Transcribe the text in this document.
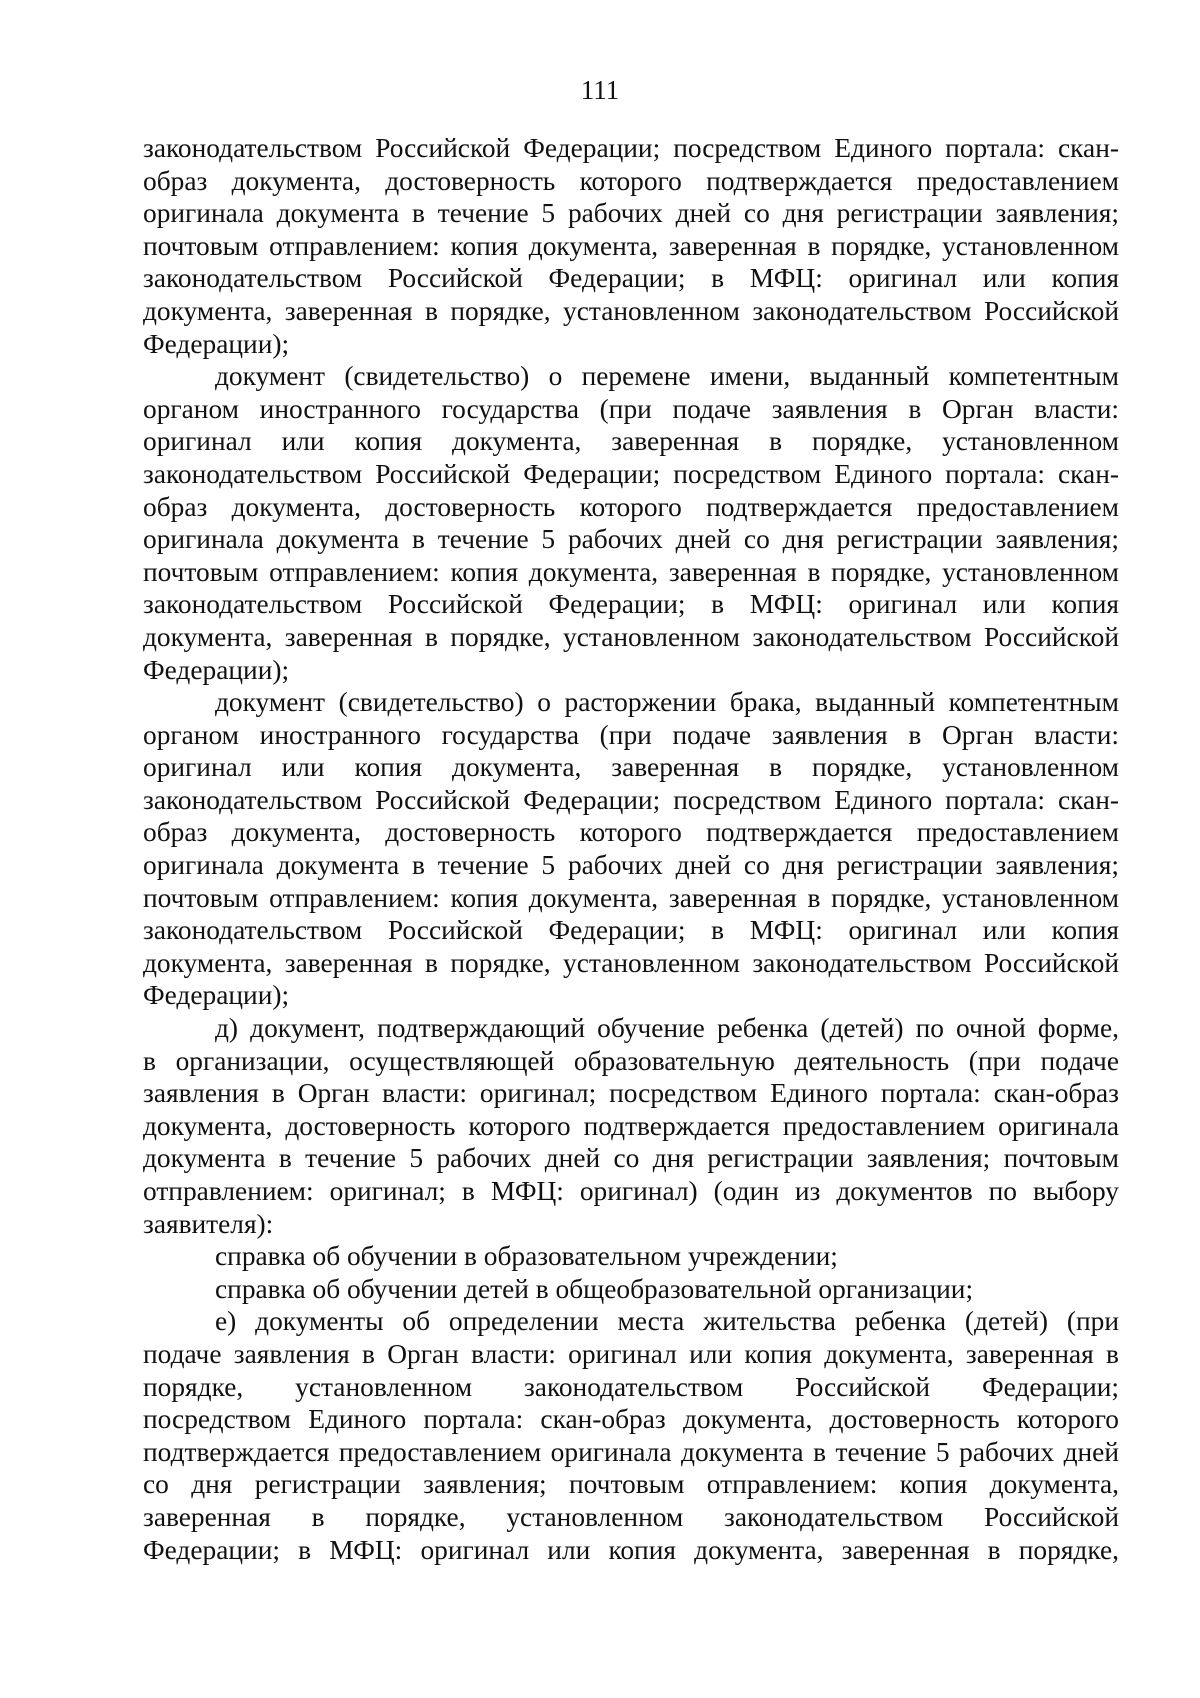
111
законодательством Российской Федерации; посредством Единого портала: скан-
образ документа, достоверность которого подтверждается предоставлением
оригинала документа в течение 5 рабочих дней со дня регистрации заявления;
почтовым отправлением: копия документа, заверенная в порядке, установленном
законодательством Российской Федерации; в МФЦ: оригинал или копия
документа, заверенная в порядке, установленном законодательством Российской
Федерации);
документ (свидетельство) о перемене имени, выданный компетентным
органом иностранного государства (при подаче заявления в Орган власти:
оригинал или копия документа, заверенная в порядке, установленном
законодательством Российской Федерации; посредством Единого портала: скан-
образ документа, достоверность которого подтверждается предоставлением
оригинала документа в течение 5 рабочих дней со дня регистрации заявления;
почтовым отправлением: копия документа, заверенная в порядке, установленном
законодательством Российской Федерации; в МФЦ: оригинал или копия
документа, заверенная в порядке, установленном законодательством Российской
Федерации);
документ (свидетельство) о расторжении брака, выданный компетентным
органом иностранного государства (при подаче заявления в Орган власти:
оригинал или копия документа, заверенная в порядке, установленном
законодательством Российской Федерации; посредством Единого портала: скан-
образ документа, достоверность которого подтверждается предоставлением
оригинала документа в течение 5 рабочих дней со дня регистрации заявления;
почтовым отправлением: копия документа, заверенная в порядке, установленном
законодательством Российской Федерации; в МФЦ: оригинал или копия
документа, заверенная в порядке, установленном законодательством Российской
Федерации);
д) документ, подтверждающий обучение ребенка (детей) по очной форме,
в организации, осуществляющей образовательную деятельность (при подаче
заявления в Орган власти: оригинал; посредством Единого портала: скан-образ
документа, достоверность которого подтверждается предоставлением оригинала
документа в течение 5 рабочих дней со дня регистрации заявления; почтовым
отправлением: оригинал; в МФЦ: оригинал) (один из документов по выбору
заявителя):
справка об обучении в образовательном учреждении;
справка об обучении детей в общеобразовательной организации;
е) документы об определении места жительства ребенка (детей) (при
подаче заявления в Орган власти: оригинал или копия документа, заверенная в
порядке, установленном законодательством Российской Федерации;
посредством Единого портала: скан-образ документа, достоверность которого
подтверждается предоставлением оригинала документа в течение 5 рабочих дней
со дня регистрации заявления; почтовым отправлением: копия документа,
заверенная в порядке, установленном законодательством Российской
Федерации; в МФЦ: оригинал или копия документа, заверенная в порядке,
